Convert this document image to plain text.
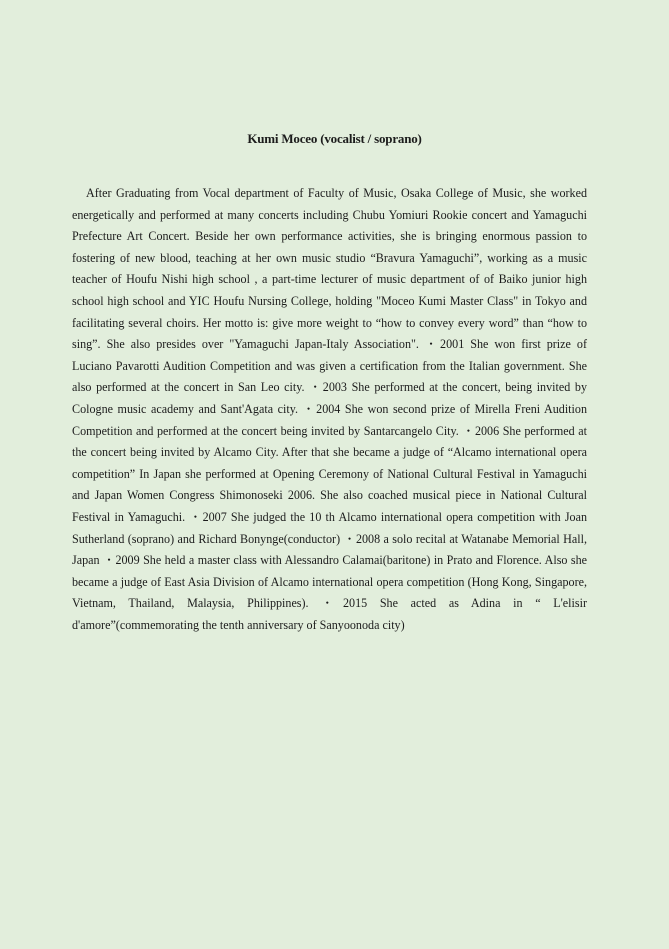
Kumi Moceo (vocalist / soprano)

After Graduating from Vocal department of Faculty of Music, Osaka College of Music, she worked energetically and performed at many concerts including Chubu Yomiuri Rookie concert and Yamaguchi Prefecture Art Concert. Beside her own performance activities, she is bringing enormous passion to fostering of new blood, teaching at her own music studio “Bravura Yamaguchi”, working as a music teacher of Houfu Nishi high school , a part-time lecturer of music department of of Baiko junior high school high school and YIC Houfu Nursing College, holding "Moceo Kumi Master Class" in Tokyo and facilitating several choirs. Her motto is: give more weight to “how to convey every word” than “how to sing”. She also presides over "Yamaguchi Japan-Italy Association". ・2001 She won first prize of Luciano Pavarotti Audition Competition and was given a certification from the Italian government. She also performed at the concert in San Leo city. ・2003 She performed at the concert, being invited by Cologne music academy and Sant'Agata city. ・2004 She won second prize of Mirella Freni Audition Competition and performed at the concert being invited by Santarcangelo City. ・2006 She performed at the concert being invited by Alcamo City. After that she became a judge of “Alcamo international opera competition” In Japan she performed at Opening Ceremony of National Cultural Festival in Yamaguchi and Japan Women Congress Shimonoseki 2006. She also coached musical piece in National Cultural Festival in Yamaguchi. ・2007 She judged the 10 th Alcamo international opera competition with Joan Sutherland (soprano) and Richard Bonynge(conductor) ・2008 a solo recital at Watanabe Memorial Hall, Japan ・2009 She held a master class with Alessandro Calamai(baritone) in Prato and Florence. Also she became a judge of East Asia Division of Alcamo international opera competition (Hong Kong, Singapore, Vietnam, Thailand, Malaysia, Philippines). ・2015 She acted as Adina in “ L'elisir d'amore”(commemorating the tenth anniversary of Sanyoonoda city)
